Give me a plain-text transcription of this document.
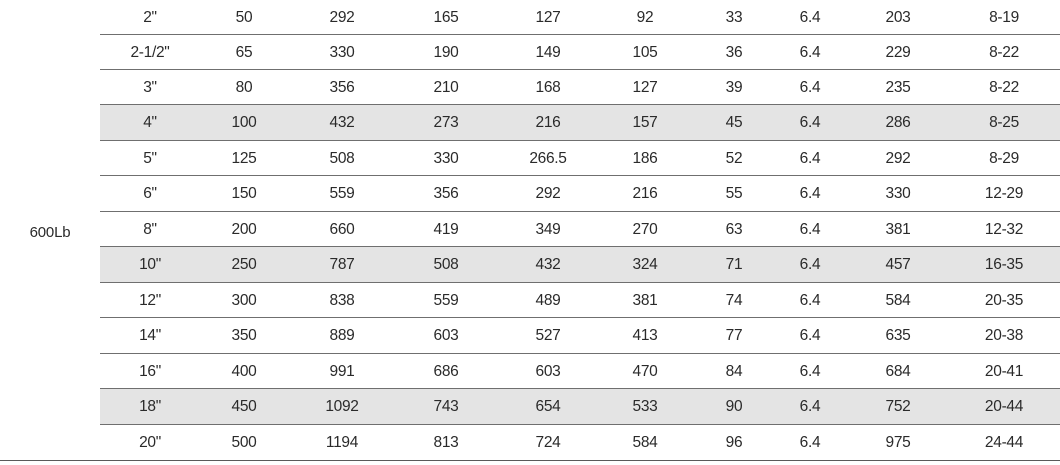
600Lb
2"	50	292	165	127	92	33	6.4	203	8-19
2-1/2"	65	330	190	149	105	36	6.4	229	8-22
3"	80	356	210	168	127	39	6.4	235	8-22
4"	100	432	273	216	157	45	6.4	286	8-25
5"	125	508	330	266.5	186	52	6.4	292	8-29
6"	150	559	356	292	216	55	6.4	330	12-29
8"	200	660	419	349	270	63	6.4	381	12-32
10"	250	787	508	432	324	71	6.4	457	16-35
12"	300	838	559	489	381	74	6.4	584	20-35
14"	350	889	603	527	413	77	6.4	635	20-38
16"	400	991	686	603	470	84	6.4	684	20-41
18"	450	1092	743	654	533	90	6.4	752	20-44
20"	500	1194	813	724	584	96	6.4	975	24-44
